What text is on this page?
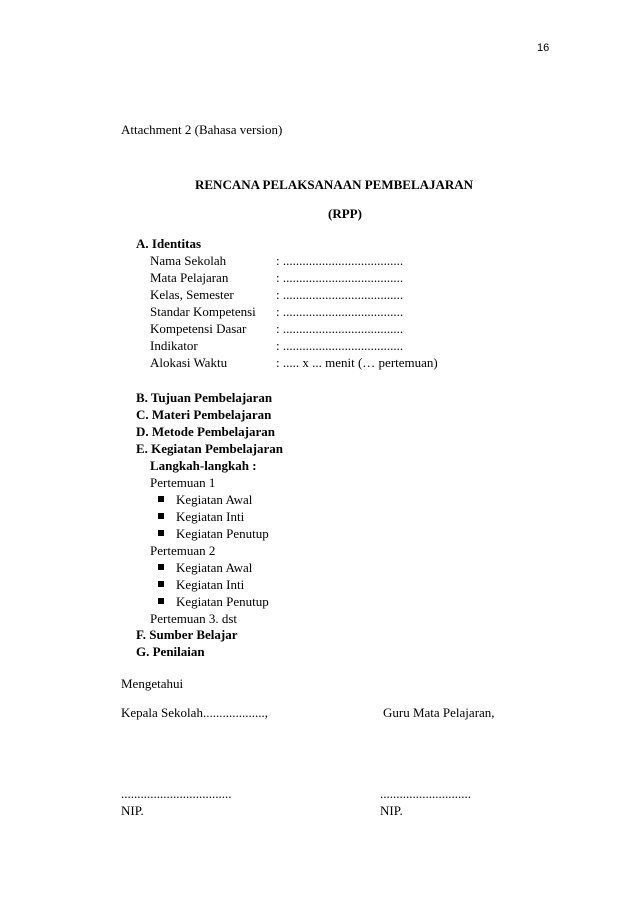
16
Attachment 2 (Bahasa version)
RENCANA PELAKSANAAN PEMBELAJARAN
(RPP)
A. Identitas
Nama Sekolah	: .....................................
Mata Pelajaran	: .....................................
Kelas, Semester	: .....................................
Standar Kompetensi : .....................................
Kompetensi Dasar : .....................................
Indikator	: .....................................
Alokasi Waktu	: ..... x ... menit (… pertemuan)
B. Tujuan Pembelajaran
C. Materi Pembelajaran
D. Metode Pembelajaran
E. Kegiatan Pembelajaran
Langkah-langkah :
Pertemuan 1
Kegiatan Awal
Kegiatan Inti
Kegiatan Penutup
Pertemuan 2
Kegiatan Awal
Kegiatan Inti
Kegiatan Penutup
Pertemuan 3. dst
F. Sumber Belajar
G. Penilaian
Mengetahui
Kepala Sekolah...................,	Guru Mata Pelajaran,
..................................	............................
NIP.	NIP.
